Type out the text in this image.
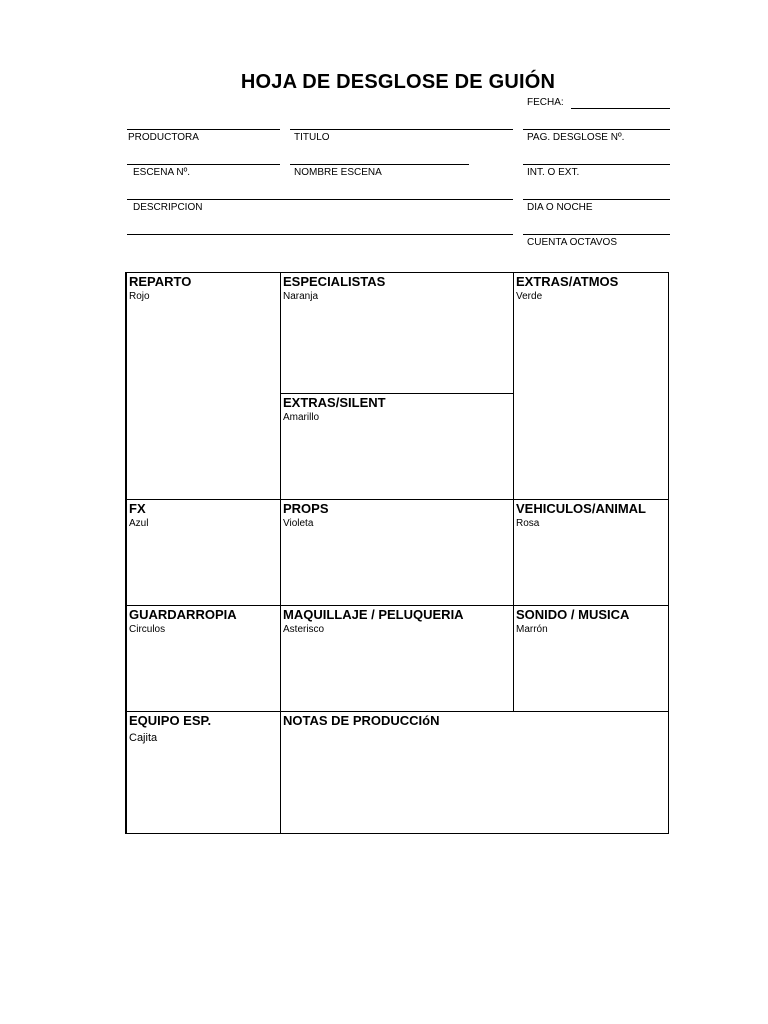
HOJA DE DESGLOSE DE GUIÓN
FECHA:
PRODUCTORA	TITULO	PAG. DESGLOSE Nº.
ESCENA Nº.	NOMBRE ESCENA	INT. O EXT.
DESCRIPCION	DIA O NOCHE
CUENTA OCTAVOS
REPARTO
Rojo
ESPECIALISTAS
Naranja
EXTRAS/ATMOS
Verde
EXTRAS/SILENT
Amarillo
FX
Azul
PROPS
Violeta
VEHICULOS/ANIMAL
Rosa
GUARDARROPIA
Circulos
MAQUILLAJE / PELUQUERIA
Asterisco
SONIDO / MUSICA
Marrón
EQUIPO ESP.
Cajita
NOTAS DE PRODUCCIóN
